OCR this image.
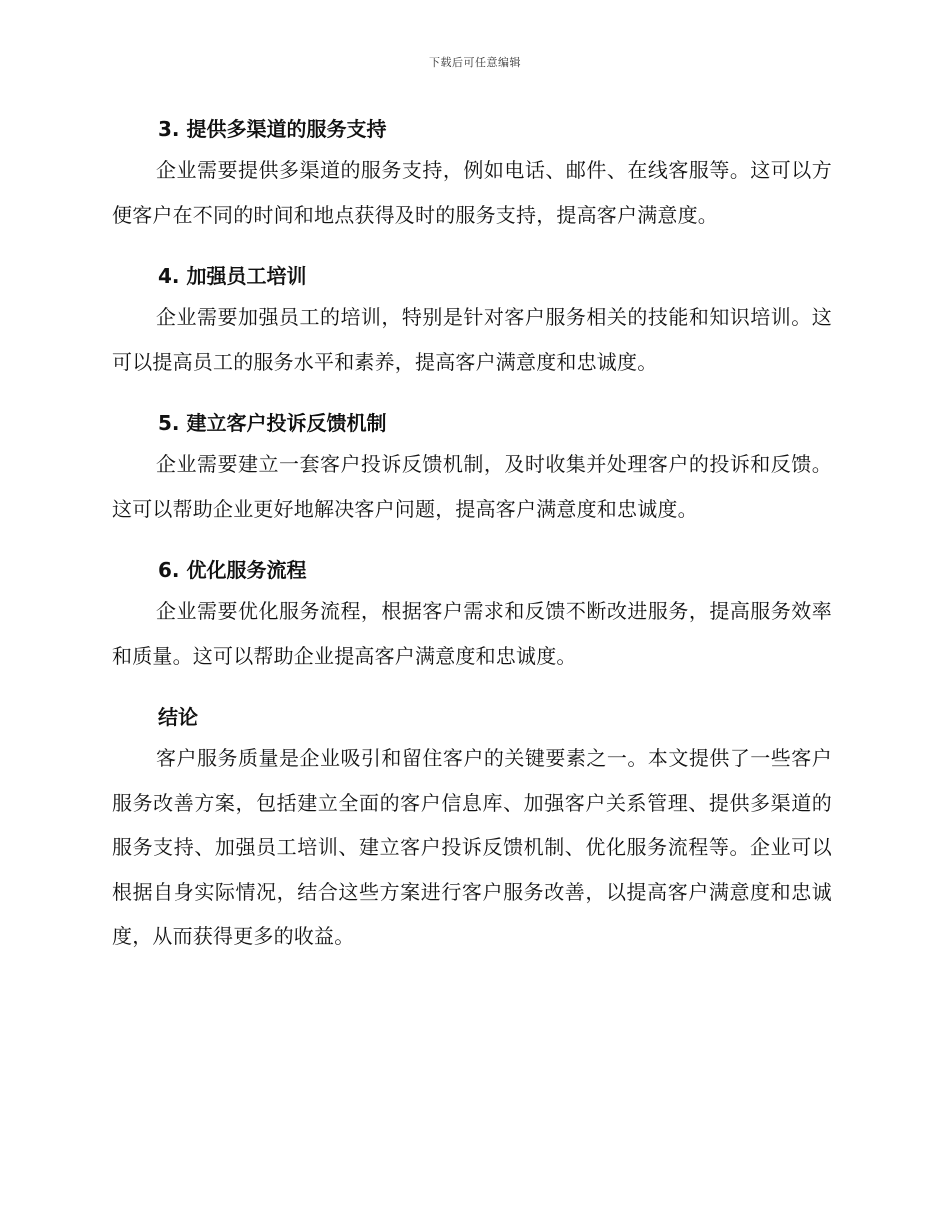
下载后可任意编辑
3. 提供多渠道的服务支持
企业需要提供多渠道的服务支持，例如电话、邮件、在线客服等。这可以方便客户在不同的时间和地点获得及时的服务支持，提高客户满意度。
4. 加强员工培训
企业需要加强员工的培训，特别是针对客户服务相关的技能和知识培训。这可以提高员工的服务水平和素养，提高客户满意度和忠诚度。
5. 建立客户投诉反馈机制
企业需要建立一套客户投诉反馈机制，及时收集并处理客户的投诉和反馈。这可以帮助企业更好地解决客户问题，提高客户满意度和忠诚度。
6. 优化服务流程
企业需要优化服务流程，根据客户需求和反馈不断改进服务，提高服务效率和质量。这可以帮助企业提高客户满意度和忠诚度。
结论
客户服务质量是企业吸引和留住客户的关键要素之一。本文提供了一些客户服务改善方案，包括建立全面的客户信息库、加强客户关系管理、提供多渠道的服务支持、加强员工培训、建立客户投诉反馈机制、优化服务流程等。企业可以根据自身实际情况，结合这些方案进行客户服务改善，以提高客户满意度和忠诚度，从而获得更多的收益。
